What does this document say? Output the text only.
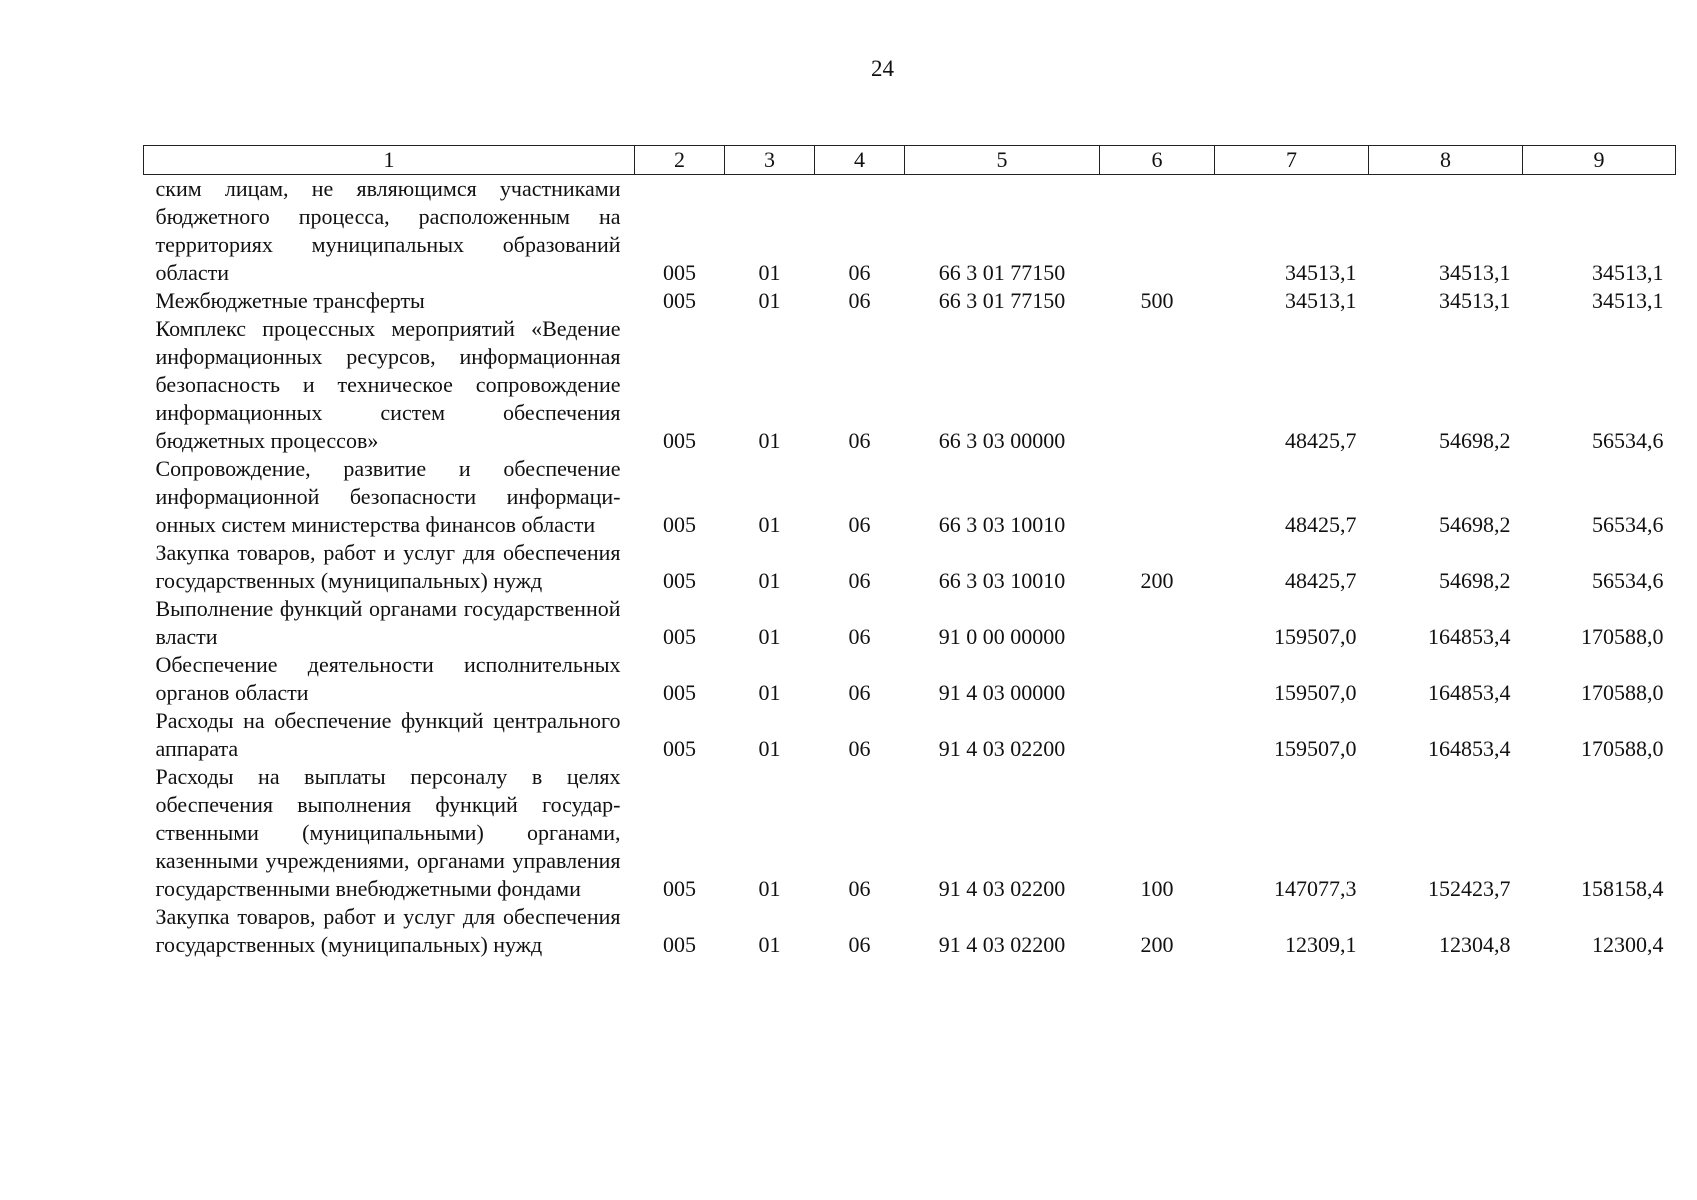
24
1	2	3	4	5	6	7	8	9
ским лицам, не являющимся участниками бюджетного процесса, расположенным на территориях муниципальных образований области	005	01	06	66 3 01 77150		34513,1	34513,1	34513,1
Межбюджетные трансферты	005	01	06	66 3 01 77150	500	34513,1	34513,1	34513,1
Комплекс процессных мероприятий «Ведение информационных ресурсов, информационная безопасность и техническое сопровождение информационных систем обеспечения бюджетных процессов»	005	01	06	66 3 03 00000		48425,7	54698,2	56534,6
Сопровождение, развитие и обеспечение информационной безопасности информационных систем министерства финансов области	005	01	06	66 3 03 10010		48425,7	54698,2	56534,6
Закупка товаров, работ и услуг для обеспечения государственных (муниципальных) нужд	005	01	06	66 3 03 10010	200	48425,7	54698,2	56534,6
Выполнение функций органами государственной власти	005	01	06	91 0 00 00000		159507,0	164853,4	170588,0
Обеспечение деятельности исполнительных органов области	005	01	06	91 4 03 00000		159507,0	164853,4	170588,0
Расходы на обеспечение функций центрального аппарата	005	01	06	91 4 03 02200		159507,0	164853,4	170588,0
Расходы на выплаты персоналу в целях обеспечения выполнения функций государственными (муниципальными) органами, казенными учреждениями, органами управления государственными внебюджетными фондами	005	01	06	91 4 03 02200	100	147077,3	152423,7	158158,4
Закупка товаров, работ и услуг для обеспечения государственных (муниципальных) нужд	005	01	06	91 4 03 02200	200	12309,1	12304,8	12300,4
